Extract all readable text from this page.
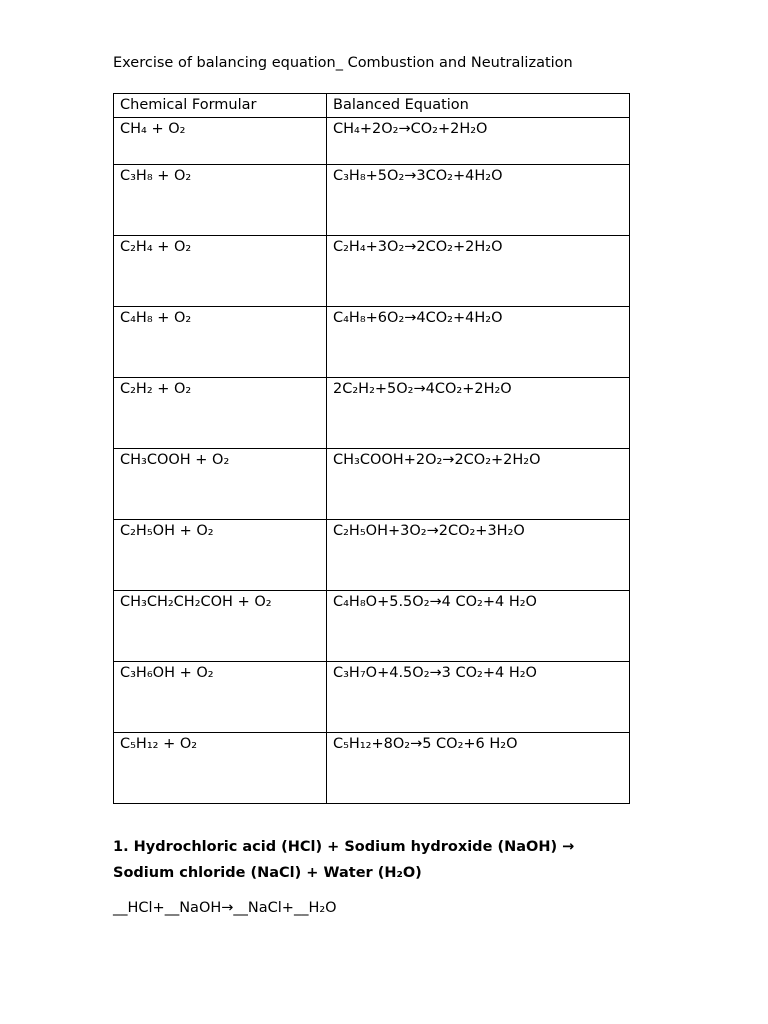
Exercise of balancing equation_ Combustion and Neutralization
Chemical Formular	Balanced Equation
CH₄ + O₂	CH₄+2O₂→CO₂+2H₂O
C₃H₈ + O₂	C₃H₈+5O₂→3CO₂+4H₂O
C₂H₄ + O₂	C₂H₄+3O₂→2CO₂+2H₂O
C₄H₈ + O₂	C₄H₈+6O₂→4CO₂+4H₂O
C₂H₂ + O₂	2C₂H₂+5O₂→4CO₂+2H₂O
CH₃COOH + O₂	CH₃COOH+2O₂→2CO₂+2H₂O
C₂H₅OH + O₂	C₂H₅OH+3O₂→2CO₂+3H₂O
CH₃CH₂CH₂COH + O₂	C₄H₈O+5.5O₂→4 CO₂+4 H₂O
C₃H₆OH + O₂	C₃H₇O+4.5O₂→3 CO₂+4 H₂O
C₅H₁₂ + O₂	C₅H₁₂+8O₂→5 CO₂+6 H₂O
1. Hydrochloric acid (HCl) + Sodium hydroxide (NaOH) →
Sodium chloride (NaCl) + Water (H₂O)
__HCl+__NaOH→__NaCl+__H₂O
